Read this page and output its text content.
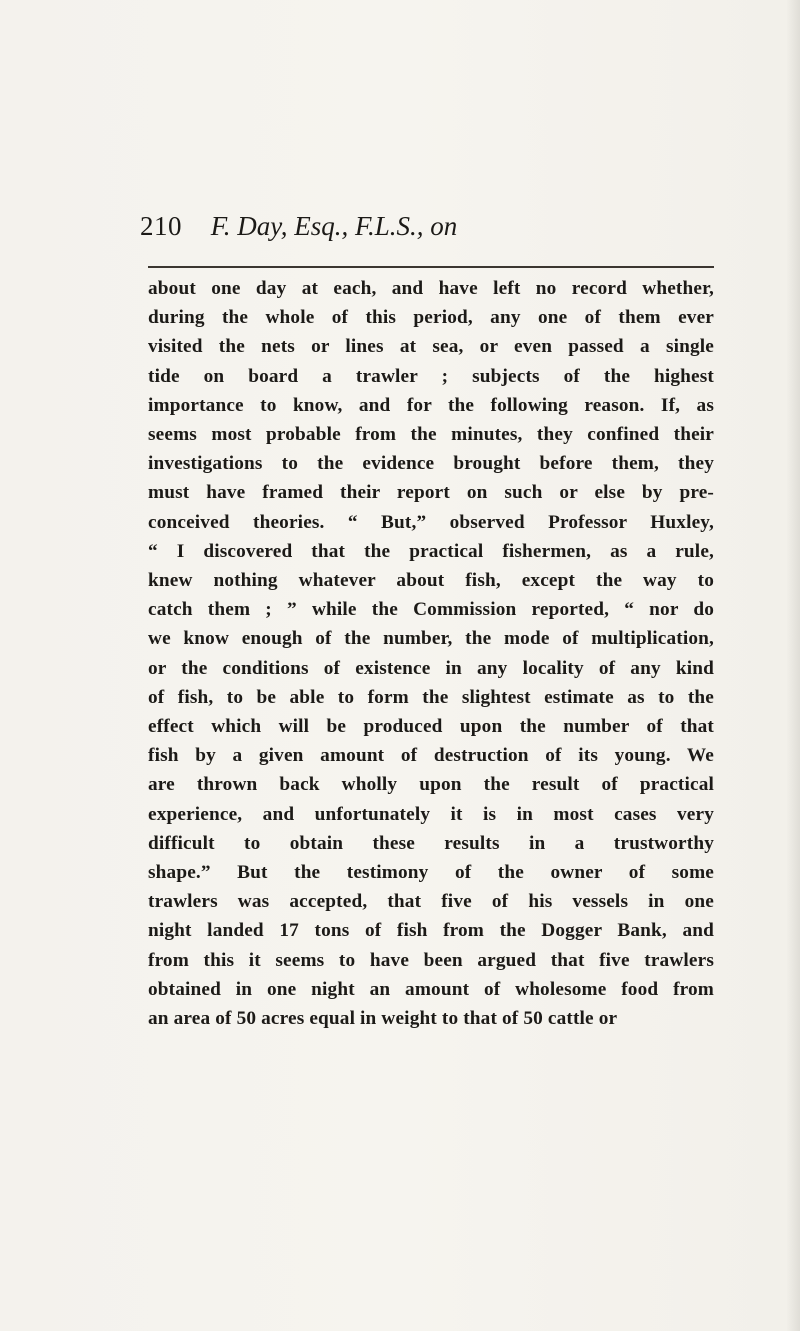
210 F. Day, Esq., F.L.S., on
about one day at each, and have left no record whether,
during the whole of this period, any one of them ever
visited the nets or lines at sea, or even passed a single
tide on board a trawler ; subjects of the highest
importance to know, and for the following reason. If, as
seems most probable from the minutes, they confined their
investigations to the evidence brought before them, they
must have framed their report on such or else by pre-
conceived theories. “ But,” observed Professor Huxley,
“ I discovered that the practical fishermen, as a rule,
knew nothing whatever about fish, except the way to
catch them ; ” while the Commission reported, “ nor do
we know enough of the number, the mode of multiplication,
or the conditions of existence in any locality of any kind
of fish, to be able to form the slightest estimate as to the
effect which will be produced upon the number of that
fish by a given amount of destruction of its young. We
are thrown back wholly upon the result of practical
experience, and unfortunately it is in most cases very
difficult to obtain these results in a trustworthy
shape.” But the testimony of the owner of some
trawlers was accepted, that five of his vessels in one
night landed 17 tons of fish from the Dogger Bank, and
from this it seems to have been argued that five trawlers
obtained in one night an amount of wholesome food from
an area of 50 acres equal in weight to that of 50 cattle or
